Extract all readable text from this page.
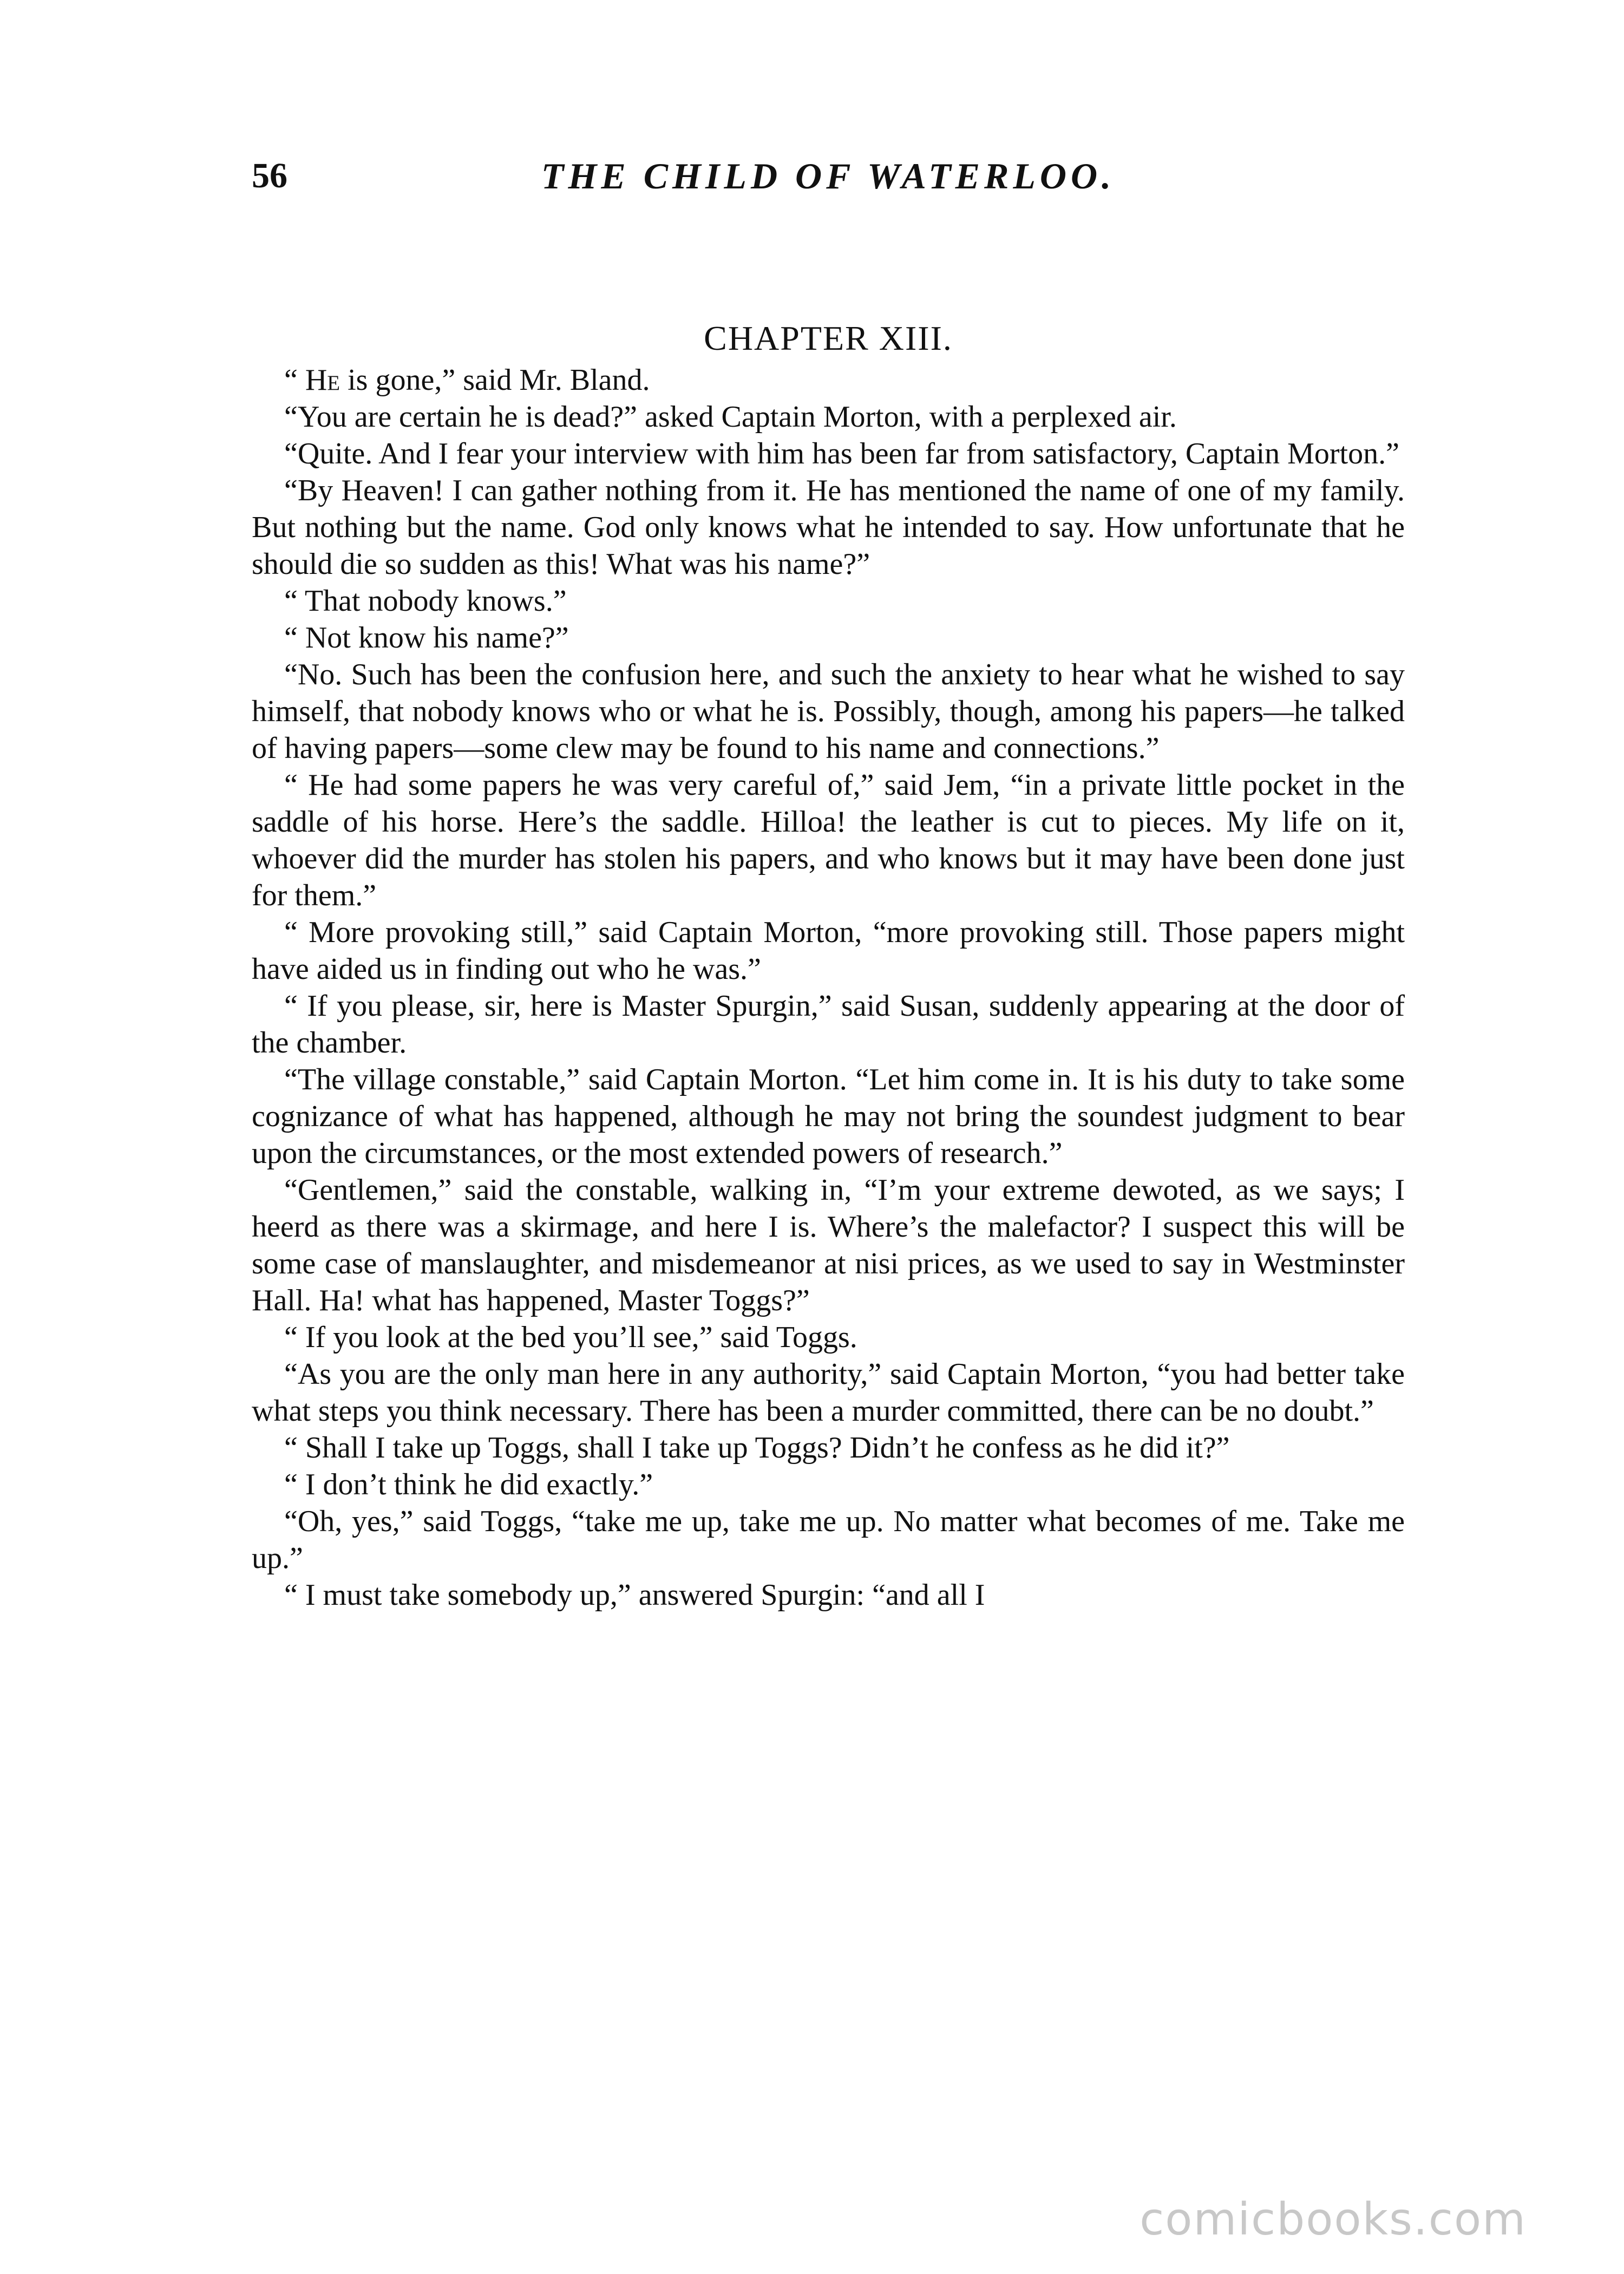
56	THE CHILD OF WATERLOO.
CHAPTER XIII.

“ He is gone,” said Mr. Bland.

“You are certain he is dead?” asked Captain Morton, with a perplexed air.

“Quite. And I fear your interview with him has been far from satisfactory, Captain Morton.”

“By Heaven! I can gather nothing from it. He has mentioned the name of one of my family. But nothing but the name. God only knows what he intended to say. How unfortunate that he should die so sudden as this! What was his name?”

“ That nobody knows.”

“ Not know his name?”

“No. Such has been the confusion here, and such the anxiety to hear what he wished to say himself, that nobody knows who or what he is. Possibly, though, among his papers—he talked of having papers—some clew may be found to his name and connections.”

“ He had some papers he was very careful of,” said Jem, “in a private little pocket in the saddle of his horse. Here’s the saddle. Hilloa! the leather is cut to pieces. My life on it, whoever did the murder has stolen his papers, and who knows but it may have been done just for them.”

“ More provoking still,” said Captain Morton, “more provoking still. Those papers might have aided us in finding out who he was.”

“ If you please, sir, here is Master Spurgin,” said Susan, suddenly appearing at the door of the chamber.

“The village constable,” said Captain Morton. “Let him come in. It is his duty to take some cognizance of what has happened, although he may not bring the soundest judgment to bear upon the circumstances, or the most extended powers of research.”

“Gentlemen,” said the constable, walking in, “I’m your extreme dewoted, as we says; I heerd as there was a skirmage, and here I is. Where’s the malefactor? I suspect this will be some case of manslaughter, and misdemeanor at nisi prices, as we used to say in Westminster Hall. Ha! what has happened, Master Toggs?”

“ If you look at the bed you’ll see,” said Toggs.

“As you are the only man here in any authority,” said Captain Morton, “you had better take what steps you think necessary. There has been a murder committed, there can be no doubt.”

“ Shall I take up Toggs, shall I take up Toggs? Didn’t he confess as he did it?”

“ I don’t think he did exactly.”

“Oh, yes,” said Toggs, “take me up, take me up. No matter what becomes of me. Take me up.”

“ I must take somebody up,” answered Spurgin: “and all I

comicbooks.com
